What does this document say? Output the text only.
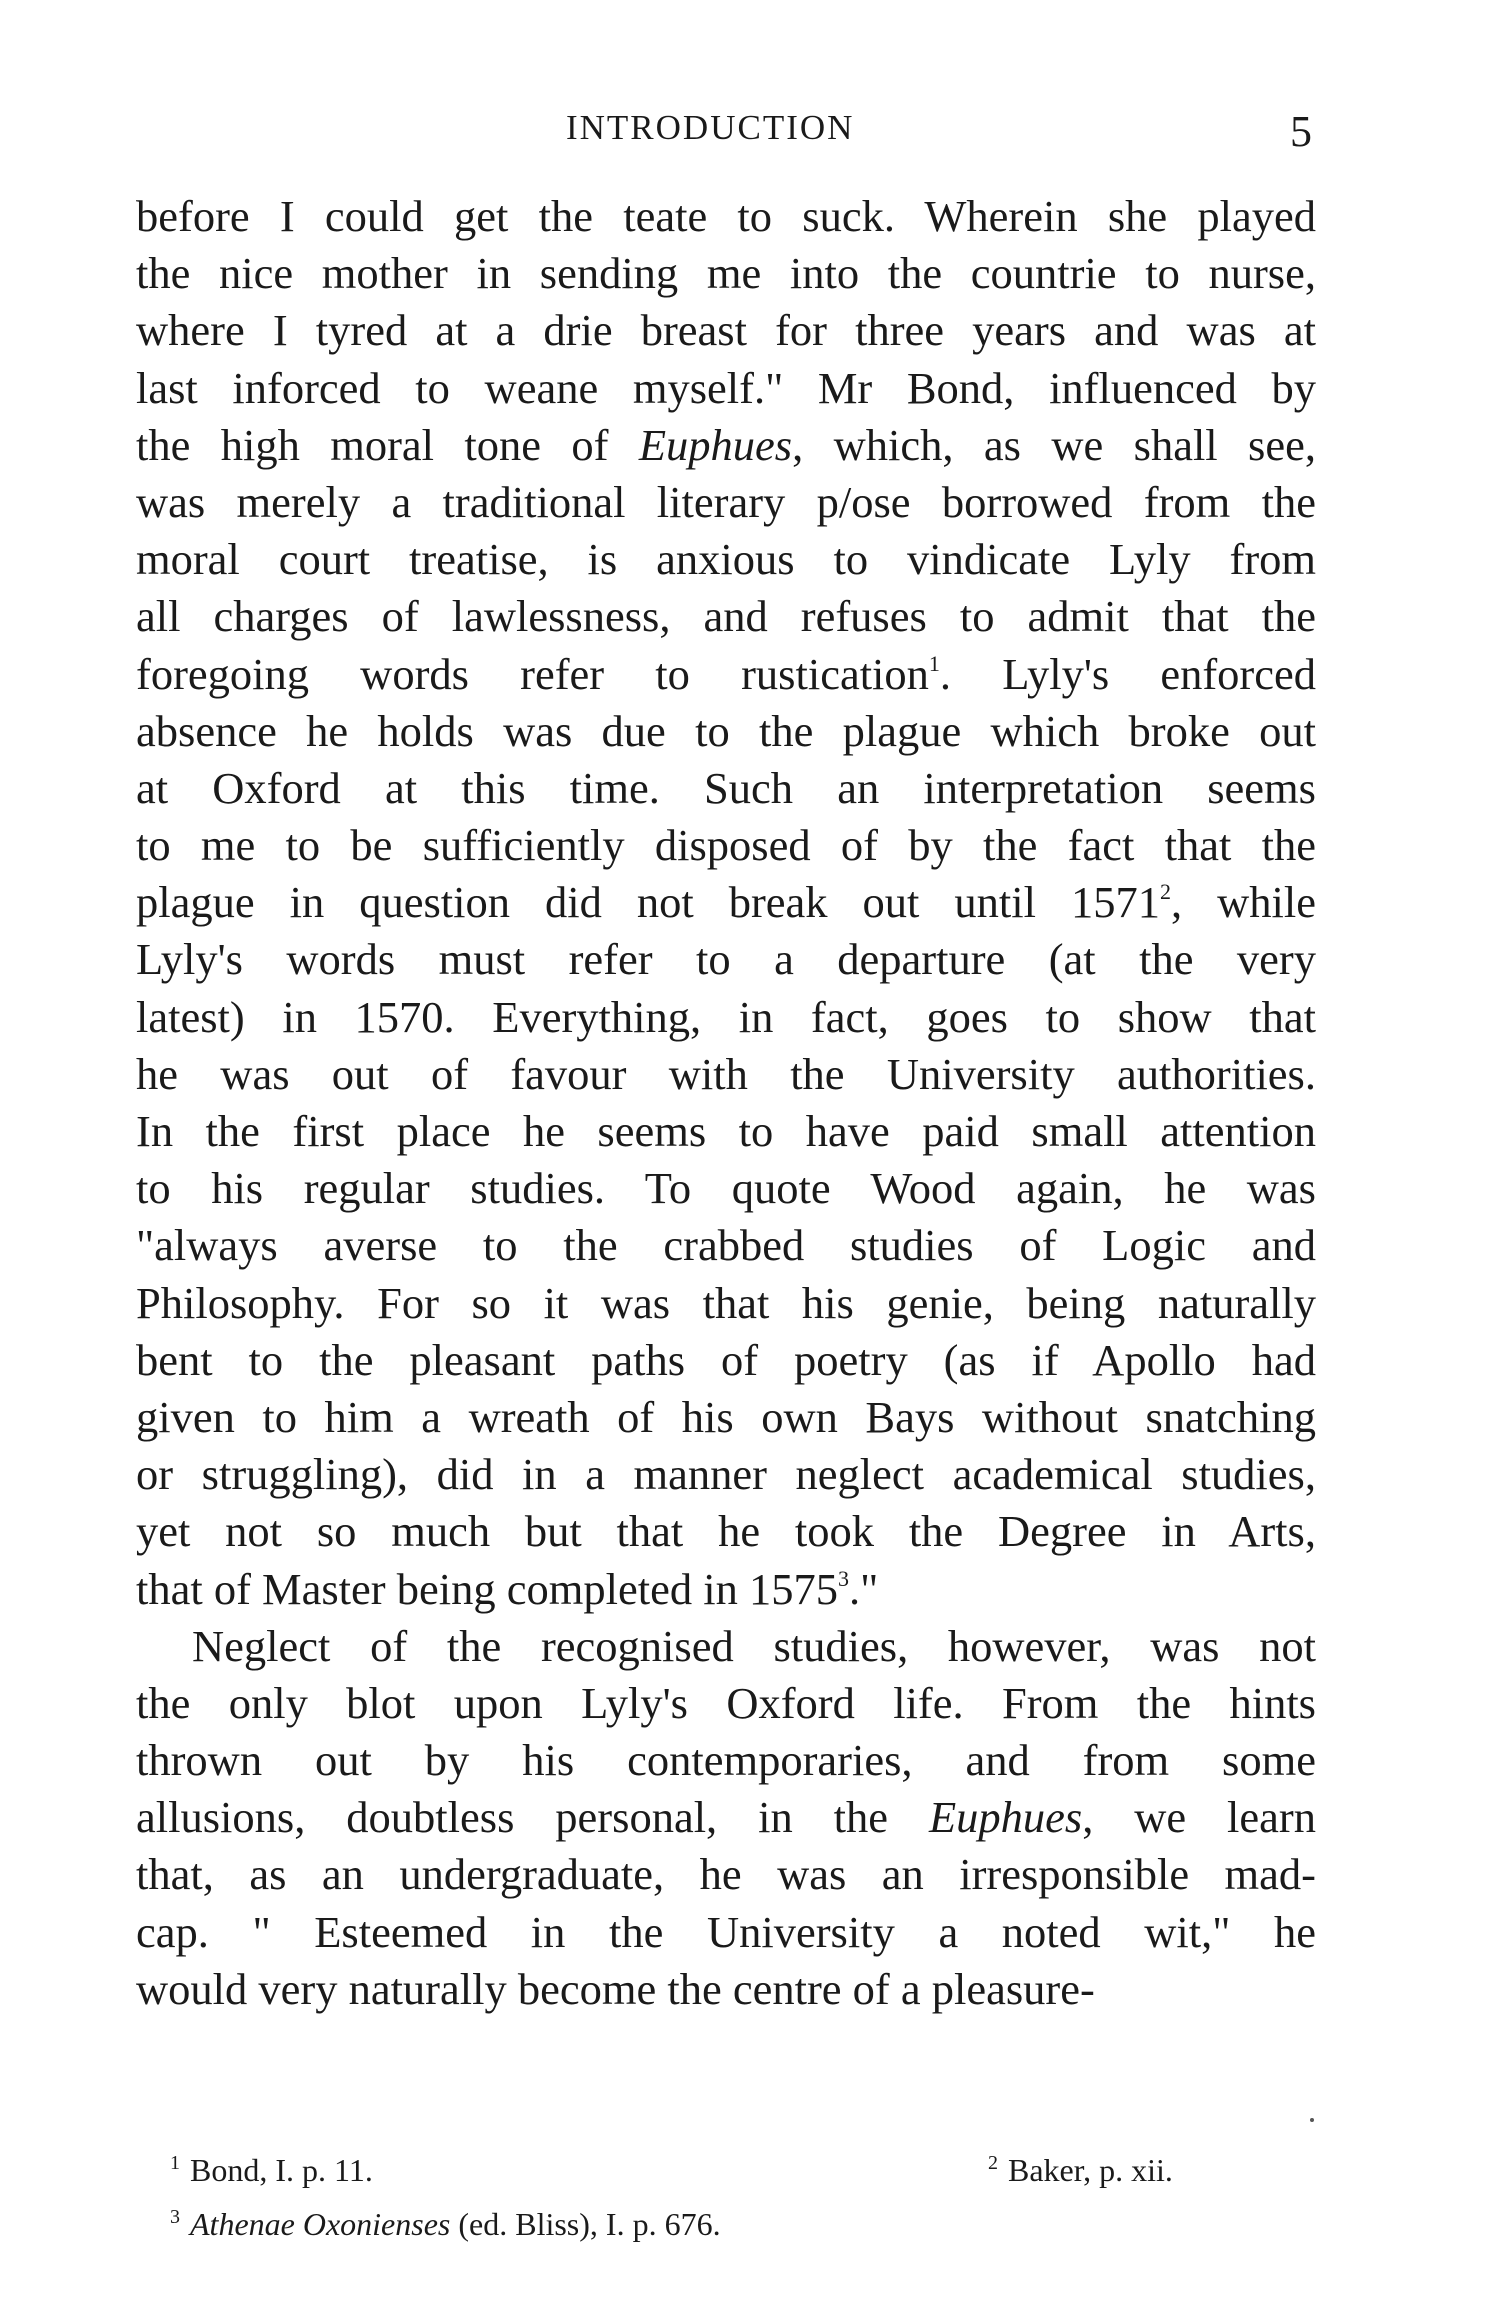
INTRODUCTION	5
before I could get the teate to suck. Wherein she played
the nice mother in sending me into the countrie to nurse,
where I tyred at a drie breast for three years and was at
last inforced to weane myself." Mr Bond, influenced by
the high moral tone of Euphues, which, as we shall see,
was merely a traditional literary p/ose borrowed from the
moral court treatise, is anxious to vindicate Lyly from
all charges of lawlessness, and refuses to admit that the
foregoing words refer to rustication$^1$. Lyly's enforced
absence he holds was due to the plague which broke out
at Oxford at this time. Such an interpretation seems
to me to be sufficiently disposed of by the fact that the
plague in question did not break out until 1571$^2$, while
Lyly's words must refer to a departure (at the very
latest) in 1570. Everything, in fact, goes to show that
he was out of favour with the University authorities.
In the first place he seems to have paid small attention
to his regular studies. To quote Wood again, he was
"always averse to the crabbed studies of Logic and
Philosophy. For so it was that his genie, being naturally
bent to the pleasant paths of poetry (as if Apollo had
given to him a wreath of his own Bays without snatching
or struggling), did in a manner neglect academical studies,
yet not so much but that he took the Degree in Arts,
that of Master being completed in 1575$^3$."
Neglect of the recognised studies, however, was not
the only blot upon Lyly's Oxford life. From the hints
thrown out by his contemporaries, and from some
allusions, doubtless personal, in the Euphues, we learn
that, as an undergraduate, he was an irresponsible mad-
cap. " Esteemed in the University a noted wit," he
would very naturally become the centre of a pleasure-
$^1$ Bond, I. p. 11.	$^2$ Baker, p. xii.
$^3$ Athenae Oxonienses (ed. Bliss), I. p. 676.
